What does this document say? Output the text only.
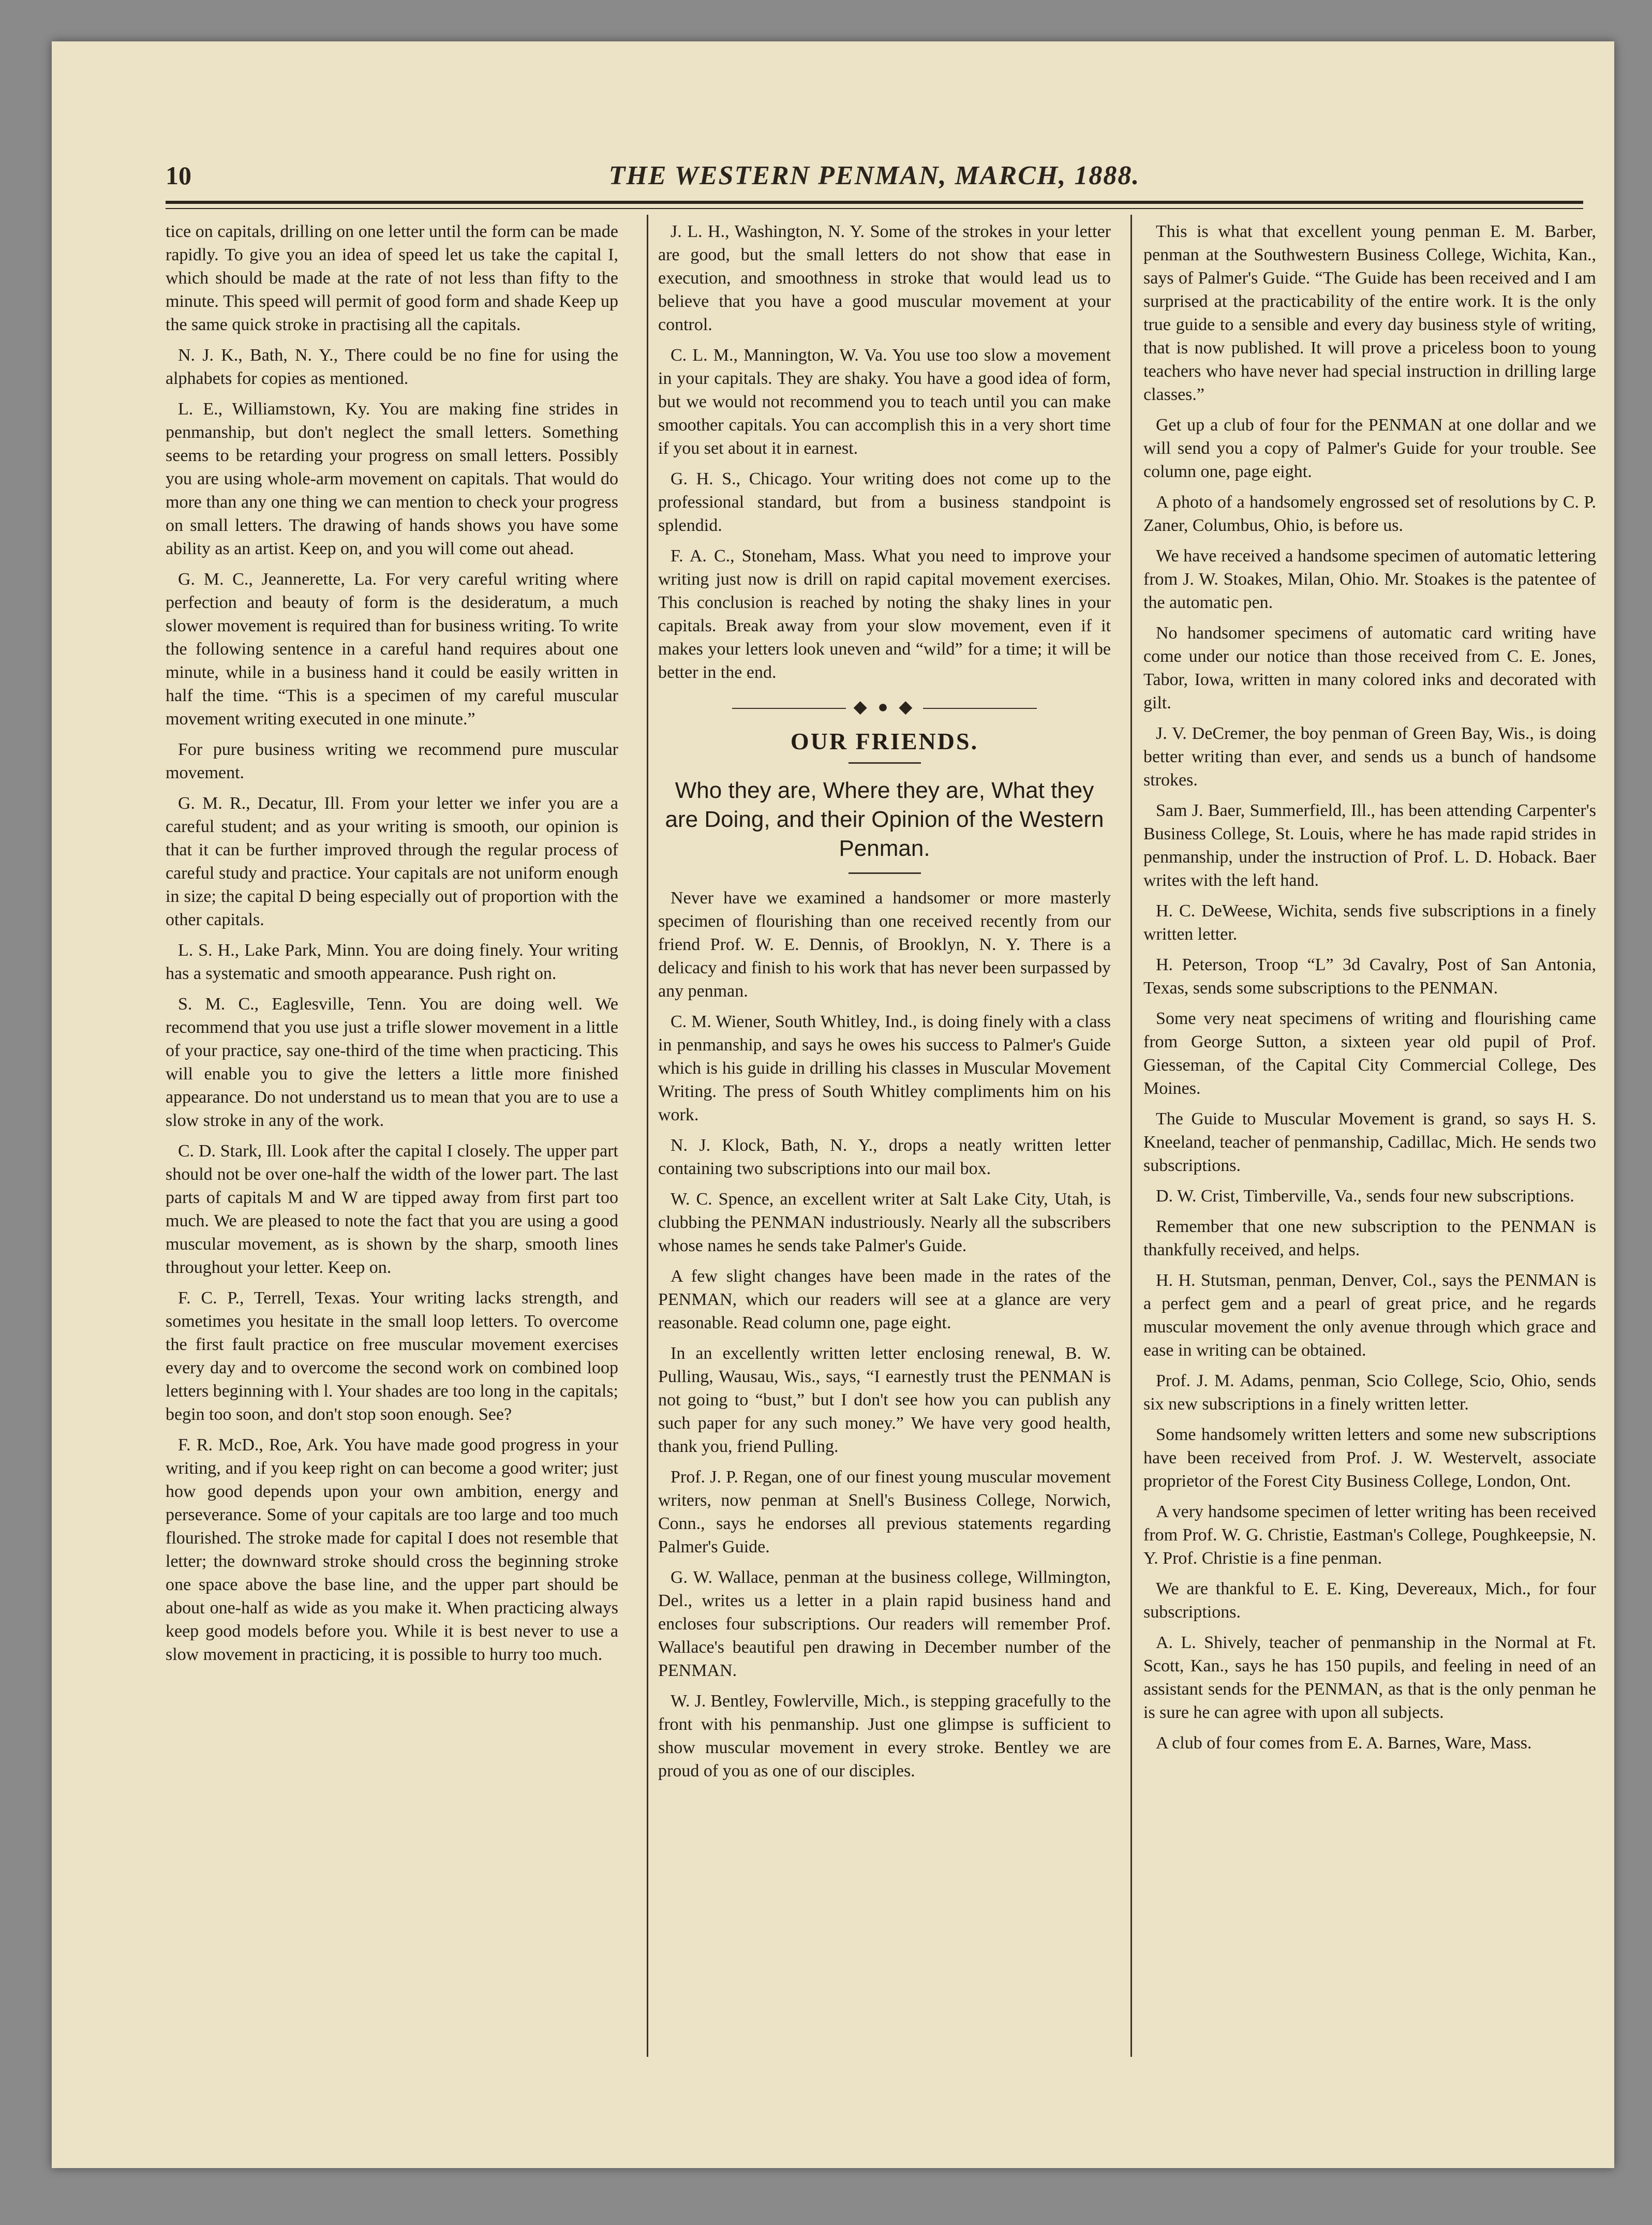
10	THE WESTERN PENMAN, MARCH, 1888.

tice on capitals, drilling on one letter until the form can be made rapidly. To give you an idea of speed let us take the capital I, which should be made at the rate of not less than fifty to the minute. This speed will permit of good form and shade Keep up the same quick stroke in practising all the capitals.

N. J. K., Bath, N. Y., There could be no fine for using the alphabets for copies as mentioned.

L. E., Williamstown, Ky. You are making fine strides in penmanship, but don't neglect the small letters. Something seems to be retarding your progress on small letters. Possibly you are using whole-arm movement on capitals. That would do more than any one thing we can mention to check your progress on small letters. The drawing of hands shows you have some ability as an artist. Keep on, and you will come out ahead.

G. M. C., Jeannerette, La. For very careful writing where perfection and beauty of form is the desideratum, a much slower movement is required than for business writing. To write the following sentence in a careful hand requires about one minute, while in a business hand it could be easily written in half the time. “This is a specimen of my careful muscular movement writing executed in one minute.”

For pure business writing we recommend pure muscular movement.

G. M. R., Decatur, Ill. From your letter we infer you are a careful student; and as your writing is smooth, our opinion is that it can be further improved through the regular process of careful study and practice. Your capitals are not uniform enough in size; the capital D being especially out of proportion with the other capitals.

L. S. H., Lake Park, Minn. You are doing finely. Your writing has a systematic and smooth appearance. Push right on.

S. M. C., Eaglesville, Tenn. You are doing well. We recommend that you use just a trifle slower movement in a little of your practice, say one-third of the time when practicing. This will enable you to give the letters a little more finished appearance. Do not understand us to mean that you are to use a slow stroke in any of the work.

C. D. Stark, Ill. Look after the capital I closely. The upper part should not be over one-half the width of the lower part. The last parts of capitals M and W are tipped away from first part too much. We are pleased to note the fact that you are using a good muscular movement, as is shown by the sharp, smooth lines throughout your letter. Keep on.

F. C. P., Terrell, Texas. Your writing lacks strength, and sometimes you hesitate in the small loop letters. To overcome the first fault practice on free muscular movement exercises every day and to overcome the second work on combined loop letters beginning with l. Your shades are too long in the capitals; begin too soon, and don't stop soon enough. See?

F. R. McD., Roe, Ark. You have made good progress in your writing, and if you keep right on can become a good writer; just how good depends upon your own ambition, energy and perseverance. Some of your capitals are too large and too much flourished. The stroke made for capital I does not resemble that letter; the downward stroke should cross the beginning stroke one space above the base line, and the upper part should be about one-half as wide as you make it. When practicing always keep good models before you. While it is best never to use a slow movement in practicing, it is possible to hurry too much.

J. L. H., Washington, N. Y. Some of the strokes in your letter are good, but the small letters do not show that ease in execution, and smoothness in stroke that would lead us to believe that you have a good muscular movement at your control.

C. L. M., Mannington, W. Va. You use too slow a movement in your capitals. They are shaky. You have a good idea of form, but we would not recommend you to teach until you can make smoother capitals. You can accomplish this in a very short time if you set about it in earnest.

G. H. S., Chicago. Your writing does not come up to the professional standard, but from a business standpoint is splendid.

F. A. C., Stoneham, Mass. What you need to improve your writing just now is drill on rapid capital movement exercises. This conclusion is reached by noting the shaky lines in your capitals. Break away from your slow movement, even if it makes your letters look uneven and “wild” for a time; it will be better in the end.

◆ ● ◆
OUR FRIENDS.
Who they are, Where they are, What they are Doing, and their Opinion of the Western Penman.

Never have we examined a handsomer or more masterly specimen of flourishing than one received recently from our friend Prof. W. E. Dennis, of Brooklyn, N. Y. There is a delicacy and finish to his work that has never been surpassed by any penman.

C. M. Wiener, South Whitley, Ind., is doing finely with a class in penmanship, and says he owes his success to Palmer's Guide which is his guide in drilling his classes in Muscular Movement Writing. The press of South Whitley compliments him on his work.

N. J. Klock, Bath, N. Y., drops a neatly written letter containing two subscriptions into our mail box.

W. C. Spence, an excellent writer at Salt Lake City, Utah, is clubbing the PENMAN industriously. Nearly all the subscribers whose names he sends take Palmer's Guide.

A few slight changes have been made in the rates of the PENMAN, which our readers will see at a glance are very reasonable. Read column one, page eight.

In an excellently written letter enclosing renewal, B. W. Pulling, Wausau, Wis., says, “I earnestly trust the PENMAN is not going to “bust,” but I don't see how you can publish any such paper for any such money.” We have very good health, thank you, friend Pulling.

Prof. J. P. Regan, one of our finest young muscular movement writers, now penman at Snell's Business College, Norwich, Conn., says he endorses all previous statements regarding Palmer's Guide.

G. W. Wallace, penman at the business college, Willmington, Del., writes us a letter in a plain rapid business hand and encloses four subscriptions. Our readers will remember Prof. Wallace's beautiful pen drawing in December number of the PENMAN.

W. J. Bentley, Fowlerville, Mich., is stepping gracefully to the front with his penmanship. Just one glimpse is sufficient to show muscular movement in every stroke. Bentley we are proud of you as one of our disciples.

This is what that excellent young penman E. M. Barber, penman at the Southwestern Business College, Wichita, Kan., says of Palmer's Guide. “The Guide has been received and I am surprised at the practicability of the entire work. It is the only true guide to a sensible and every day business style of writing, that is now published. It will prove a priceless boon to young teachers who have never had special instruction in drilling large classes.”

Get up a club of four for the PENMAN at one dollar and we will send you a copy of Palmer's Guide for your trouble. See column one, page eight.

A photo of a handsomely engrossed set of resolutions by C. P. Zaner, Columbus, Ohio, is before us.

We have received a handsome specimen of automatic lettering from J. W. Stoakes, Milan, Ohio. Mr. Stoakes is the patentee of the automatic pen.

No handsomer specimens of automatic card writing have come under our notice than those received from C. E. Jones, Tabor, Iowa, written in many colored inks and decorated with gilt.

J. V. DeCremer, the boy penman of Green Bay, Wis., is doing better writing than ever, and sends us a bunch of handsome strokes.

Sam J. Baer, Summerfield, Ill., has been attending Carpenter's Business College, St. Louis, where he has made rapid strides in penmanship, under the instruction of Prof. L. D. Hoback. Baer writes with the left hand.

H. C. DeWeese, Wichita, sends five subscriptions in a finely written letter.

H. Peterson, Troop “L” 3d Cavalry, Post of San Antonia, Texas, sends some subscriptions to the PENMAN.

Some very neat specimens of writing and flourishing came from George Sutton, a sixteen year old pupil of Prof. Giesseman, of the Capital City Commercial College, Des Moines.

The Guide to Muscular Movement is grand, so says H. S. Kneeland, teacher of penmanship, Cadillac, Mich. He sends two subscriptions.

D. W. Crist, Timberville, Va., sends four new subscriptions.

Remember that one new subscription to the PENMAN is thankfully received, and helps.

H. H. Stutsman, penman, Denver, Col., says the PENMAN is a perfect gem and a pearl of great price, and he regards muscular movement the only avenue through which grace and ease in writing can be obtained.

Prof. J. M. Adams, penman, Scio College, Scio, Ohio, sends six new subscriptions in a finely written letter.

Some handsomely written letters and some new subscriptions have been received from Prof. J. W. Westervelt, associate proprietor of the Forest City Business College, London, Ont.

A very handsome specimen of letter writing has been received from Prof. W. G. Christie, Eastman's College, Poughkeepsie, N. Y. Prof. Christie is a fine penman.

We are thankful to E. E. King, Devereaux, Mich., for four subscriptions.

A. L. Shively, teacher of penmanship in the Normal at Ft. Scott, Kan., says he has 150 pupils, and feeling in need of an assistant sends for the PENMAN, as that is the only penman he is sure he can agree with upon all subjects.

A club of four comes from E. A. Barnes, Ware, Mass.
